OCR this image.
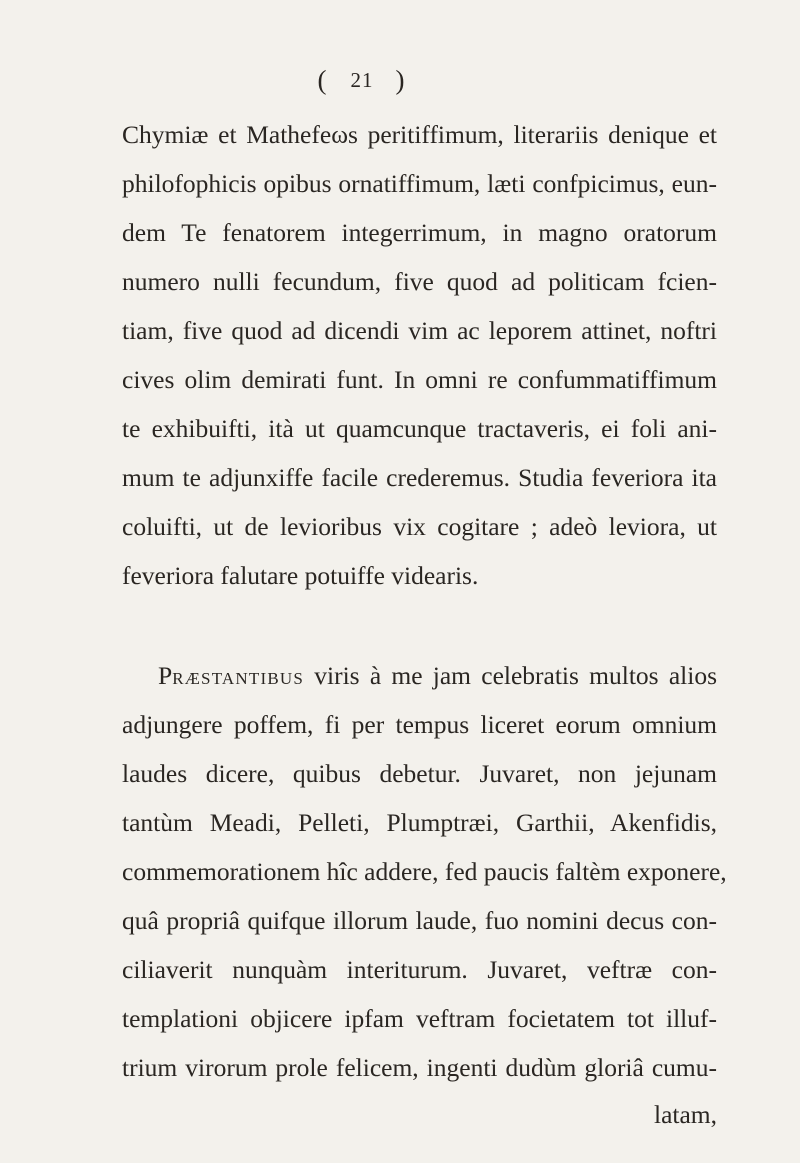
( 21 )
Chymiæ et Mathefeωs peritiffimum, literariis denique et
philofophicis opibus ornatiffimum, læti confpicimus, eun-
dem Te fenatorem integerrimum, in magno oratorum
numero nulli fecundum, five quod ad politicam fcien-
tiam, five quod ad dicendi vim ac leporem attinet, noftri
cives olim demirati funt. In omni re confummatiffimum
te exhibuifti, ità ut quamcunque tractaveris, ei foli ani-
mum te adjunxiffe facile crederemus. Studia feveriora ita
coluifti, ut de levioribus vix cogitare ; adeò leviora, ut
feveriora falutare potuiffe videaris.
PRÆSTANTIBUS viris à me jam celebratis multos alios
adjungere poffem, fi per tempus liceret eorum omnium
laudes dicere, quibus debetur. Juvaret, non jejunam
tantùm Meadi, Pelleti, Plumptræi, Garthii, Akenfidis,
commemorationem hîc addere, fed paucis faltèm exponere,
quâ propriâ quifque illorum laude, fuo nomini decus con-
ciliaverit nunquàm interiturum. Juvaret, veftræ con-
templationi objicere ipfam veftram focietatem tot illuf-
trium virorum prole felicem, ingenti dudùm gloriâ cumu-
latam,
